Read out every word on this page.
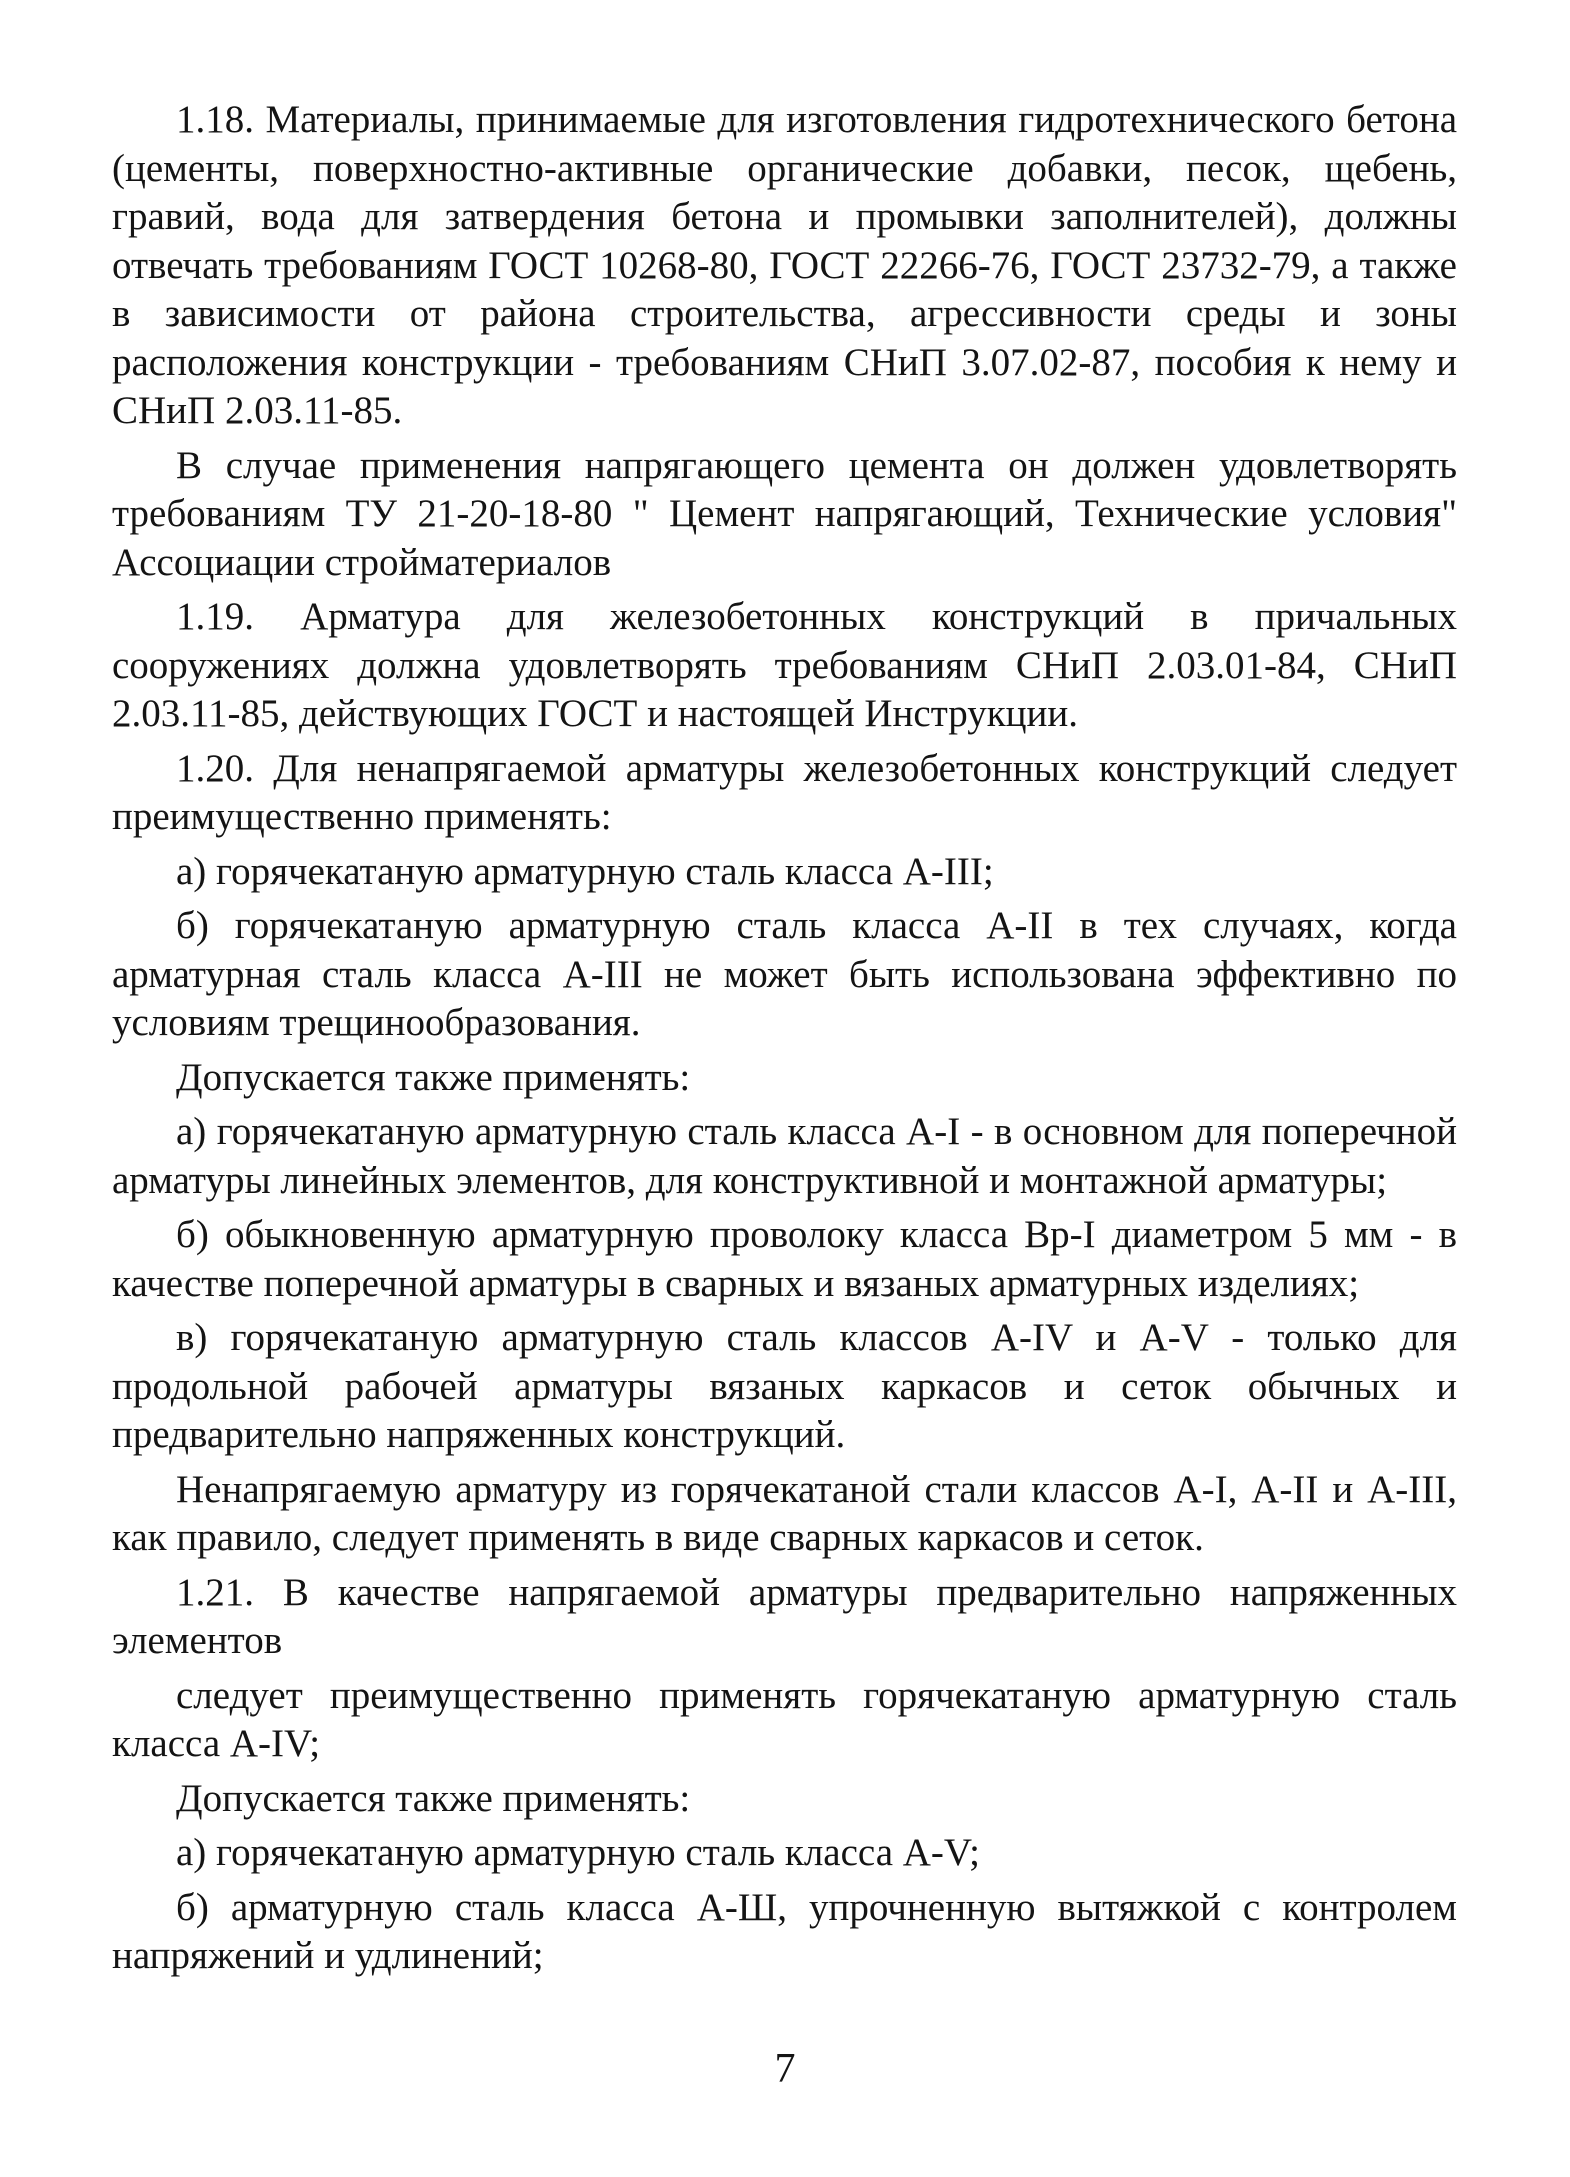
1.18. Материалы, принимаемые для изготовления гидротехнического бетона (цементы, поверхностно-активные органические добавки, песок, щебень, гравий, вода для затвердения бетона и промывки заполнителей), должны отвечать требованиям ГОСТ 10268-80, ГОСТ 22266-76, ГОСТ 23732-79, а также в зависимости от района строительства, агрессивности среды и зоны расположения конструкции - требованиям СНиП 3.07.02-87, пособия к нему и СНиП 2.03.11-85.

В случае применения напрягающего цемента он должен удовлетворять требованиям ТУ 21-20-18-80 " Цемент напрягающий, Технические условия" Ассоциации строймaтериалов

1.19. Арматура для железобетонных конструкций в причальных сооружениях должна удовлетворять требованиям СНиП 2.03.01-84, СНиП 2.03.11-85, действующих ГОСТ и настоящей Инструкции.

1.20. Для ненапрягаемой арматуры железобетонных конструкций следует преимущественно применять:

а) горячекатаную арматурную сталь класса А-III;

б) горячекатаную арматурную сталь класса А-II в тех случаях, когда арматурная сталь класса А-III не может быть использована эффективно по условиям трещинообразования.

Допускается также применять:

а) горячекатаную арматурную сталь класса А-I - в основном для поперечной арматуры линейных элементов, для конструктивной и монтажной арматуры;

б) обыкновенную арматурную проволоку класса Вр-I диаметром 5 мм - в качестве поперечной арматуры в сварных и вязаных арматурных изделиях;

в) горячекатаную арматурную сталь классов А-IV и А-V - только для продольной рабочей арматуры вязаных каркасов и сеток обычных и предварительно напряженных конструкций.

Ненапрягаемую арматуру из горячекатаной стали классов А-I, А-II и А-III, как правило, следует применять в виде сварных каркасов и сеток.

1.21. В качестве напрягаемой арматуры предварительно напряженных элементов

следует преимущественно применять горячекатаную арматурную сталь класса А-IV;

Допускается также применять:

а) горячекатаную арматурную сталь класса А-V;

б) арматурную сталь класса А-Ш, упрочненную вытяжкой с контролем напряжений и удлинений;

7
